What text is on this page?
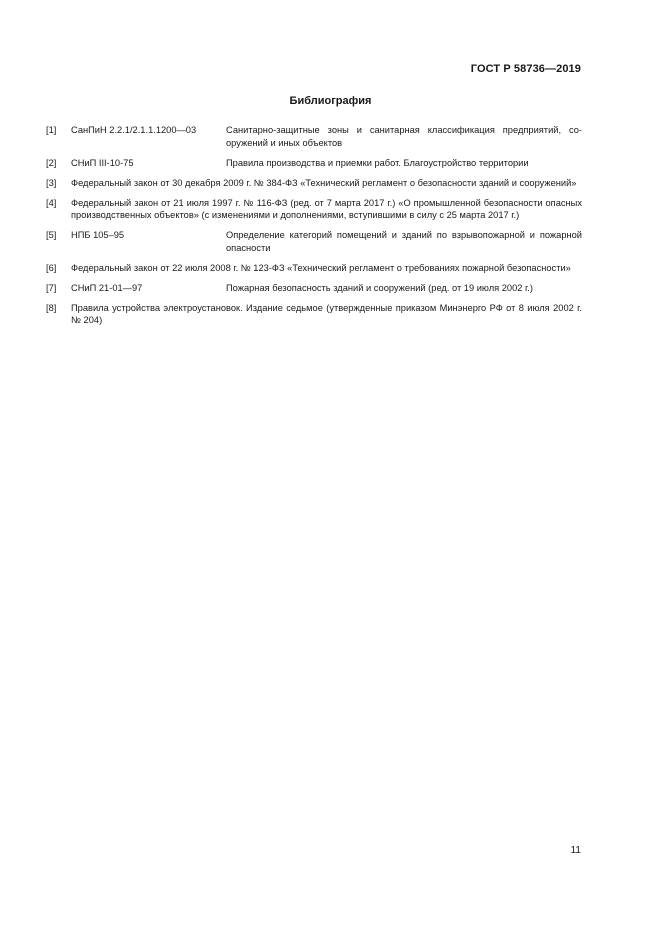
ГОСТ Р 58736—2019
Библиография
[1]	СанПиН 2.2.1/2.1.1.1200—03	Санитарно-защитные зоны и санитарная классификация предприятий, сооружений и иных объектов
[2]	СНиП III-10-75	Правила производства и приемки работ. Благоустройство территории
[3]	Федеральный закон от 30 декабря 2009 г. № 384-ФЗ «Технический регламент о безопасности зданий и сооружений»
[4]	Федеральный закон от 21 июля 1997 г. № 116-ФЗ (ред. от 7 марта 2017 г.) «О промышленной безопасности опасных производственных объектов» (с изменениями и дополнениями, вступившими в силу с 25 марта 2017 г.)
[5]	НПБ 105–95	Определение категорий помещений и зданий по взрывопожарной и пожарной опасности
[6]	Федеральный закон от 22 июля 2008 г. № 123-ФЗ «Технический регламент о требованиях пожарной безопасности»
[7]	СНиП 21-01—97	Пожарная безопасность зданий и сооружений (ред. от 19 июля 2002 г.)
[8]	Правила устройства электроустановок. Издание седьмое (утвержденные приказом Минэнерго РФ от 8 июля 2002 г. № 204)
11
